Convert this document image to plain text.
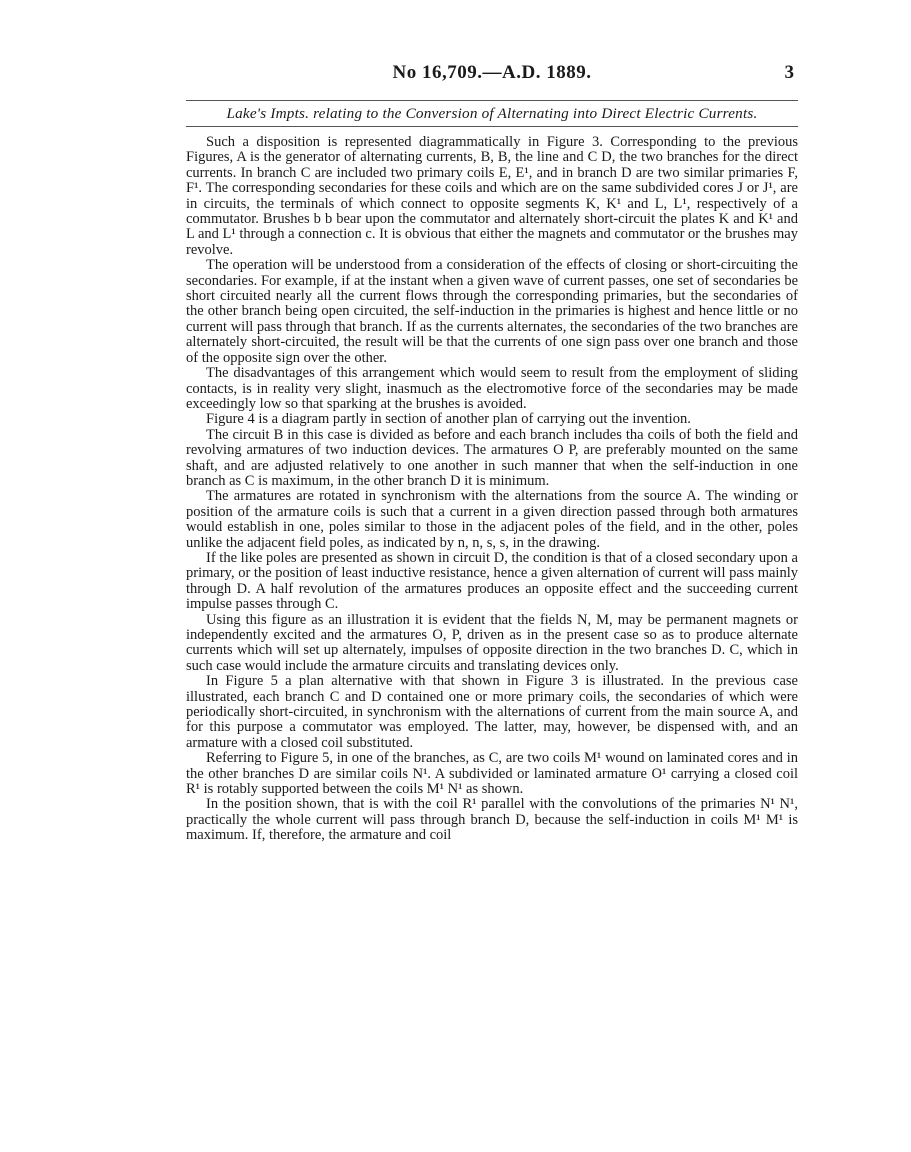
No 16,709.—A.D. 1889.	3
Lake's Impts. relating to the Conversion of Alternating into Direct Electric Currents.

Such a disposition is represented diagrammatically in Figure 3. Corresponding to the previous Figures, A is the generator of alternating currents, B, B, the line and C D, the two branches for the direct currents. In branch C are included two primary coils E, E¹, and in branch D are two similar primaries F, F¹. The corresponding secondaries for these coils and which are on the same subdivided cores J or J¹, are in circuits, the terminals of which connect to opposite segments K, K¹ and L, L¹, respectively of a commutator. Brushes b b bear upon the commutator and alternately short-circuit the plates K and K¹ and L and L¹ through a connection c. It is obvious that either the magnets and commutator or the brushes may revolve.

The operation will be understood from a consideration of the effects of closing or short-circuiting the secondaries. For example, if at the instant when a given wave of current passes, one set of secondaries be short circuited nearly all the current flows through the corresponding primaries, but the secondaries of the other branch being open circuited, the self-induction in the primaries is highest and hence little or no current will pass through that branch. If as the currents alternates, the secondaries of the two branches are alternately short-circuited, the result will be that the currents of one sign pass over one branch and those of the opposite sign over the other.

The disadvantages of this arrangement which would seem to result from the employment of sliding contacts, is in reality very slight, inasmuch as the electromotive force of the secondaries may be made exceedingly low so that sparking at the brushes is avoided.

Figure 4 is a diagram partly in section of another plan of carrying out the invention.

The circuit B in this case is divided as before and each branch includes tha coils of both the field and revolving armatures of two induction devices. The armatures O P, are preferably mounted on the same shaft, and are adjusted relatively to one another in such manner that when the self-induction in one branch as C is maximum, in the other branch D it is minimum.

The armatures are rotated in synchronism with the alternations from the source A. The winding or position of the armature coils is such that a current in a given direction passed through both armatures would establish in one, poles similar to those in the adjacent poles of the field, and in the other, poles unlike the adjacent field poles, as indicated by n, n, s, s, in the drawing.

If the like poles are presented as shown in circuit D, the condition is that of a closed secondary upon a primary, or the position of least inductive resistance, hence a given alternation of current will pass mainly through D. A half revolution of the armatures produces an opposite effect and the succeeding current impulse passes through C.

Using this figure as an illustration it is evident that the fields N, M, may be permanent magnets or independently excited and the armatures O, P, driven as in the present case so as to produce alternate currents which will set up alternately, impulses of opposite direction in the two branches D. C, which in such case would include the armature circuits and translating devices only.

In Figure 5 a plan alternative with that shown in Figure 3 is illustrated. In the previous case illustrated, each branch C and D contained one or more primary coils, the secondaries of which were periodically short-circuited, in synchronism with the alternations of current from the main source A, and for this purpose a commutator was employed. The latter, may, however, be dispensed with, and an armature with a closed coil substituted.

Referring to Figure 5, in one of the branches, as C, are two coils M¹ wound on laminated cores and in the other branches D are similar coils N¹. A subdivided or laminated armature O¹ carrying a closed coil R¹ is rotably supported between the coils M¹ N¹ as shown.

In the position shown, that is with the coil R¹ parallel with the convolutions of the primaries N¹ N¹, practically the whole current will pass through branch D, because the self-induction in coils M¹ M¹ is maximum. If, therefore, the armature and coil
